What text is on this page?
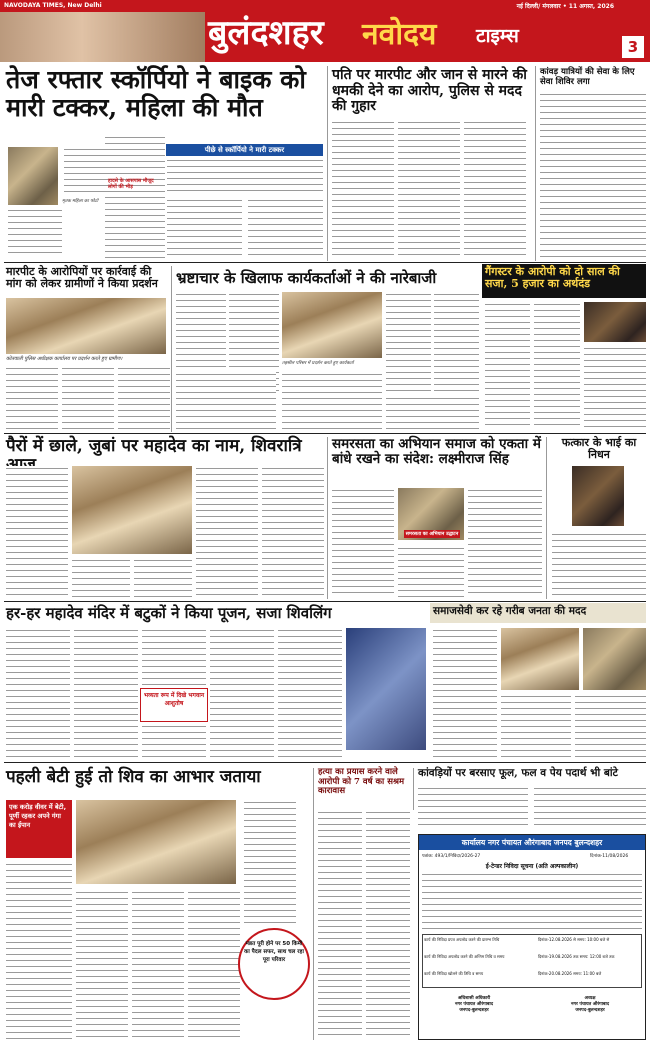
NAVODAYA TIMES, New Delhi	नई दिल्ली/ मंगलवार • 11 अगस्त, 2026
बुलंदशहर नवोदय टाइम्स	3
तेज रफ्तार स्कॉर्पियो ने बाइक को मारी टक्कर, महिला की मौत
मृतक महिला का फोटो
हादसे के आसपास मौजूद लोगों की भीड़
पीछे से स्कॉर्पियो ने मारी टक्कर
पति पर मारपीट और जान से मारने की धमकी देने का आरोप, पुलिस से मदद की गुहार
कांवड़ यात्रियों की सेवा के लिए सेवा शिविर लगा
मारपीट के आरोपियों पर कार्रवाई की मांग को लेकर ग्रामीणों ने किया प्रदर्शन
कोतवाली पुलिस अधीक्षक कार्यालय पर प्रदर्शन करते हुए ग्रामीण।
भ्रष्टाचार के खिलाफ कार्यकर्ताओं ने की नारेबाजी
तहसील परिसर में प्रदर्शन करते हुए कार्यकर्ता
गैंगस्टर के आरोपी को दो साल की सजा, 5 हजार का अर्थदंड
पैरों में छाले, जुबां पर महादेव का नाम, शिवरात्रि	समरसता का अभियान समाज को एकता में बांधे रखने का संदेश: लक्ष्मीराज सिंह
समरसता का अभियान उद्घाटन
फत्कार के भाई का निधन
हर-हर महादेव मंदिर में बटुकों ने किया पूजन, सजा शिवलिंग
भव्यता रूप में दिखे भगवान आशुतोष
समाजसेवी कर रहे गरीब जनता की मदद
पहली बेटी हुई तो शिव का आभार जताया
एक करोड़ वीवर में बेटी, पूर्णी रहकर अपने गंगा का ईपान
मन्नत पूरी होने पर 50 किमी का पैदल सफर, साथ चल रहा पूरा परिवार
हत्या का प्रयास करने वाले आरोपी को 7 वर्ष का सश्रम कारावास
कांवड़ियों पर बरसाए फूल, फल व पेय पदार्थ भी बांटे
कार्यालय नगर पंचायत औरंगाबाद जनपद बुलन्दशहर
पत्रांक: 493/1/निविदा/2026-27	दिनांक-11/08/2026
ई-टेन्डर निविदा सूचना (अति अल्पकालीन)
कार्य की निविदा प्रपत्र अपलोड करने की प्रारम्भ तिथि	दिनांक-12.08.2026 से समय: 10:00 बजे से
कार्य की निविदा अपलोड करने की अन्तिम तिथि व समय	दिनांक-19.08.2026 तक समय: 12:00 बजे तक
कार्य की निविदा खोलने की तिथि व समय	दिनांक-20.08.2026 समय: 11:00 बजे
अधिशासी अधिकारी
नगर पंचायत औरंगाबाद
जनपद-बुलन्दशहर
अध्यक्ष
नगर पंचायत औरंगाबाद
जनपद-बुलन्दशहर
